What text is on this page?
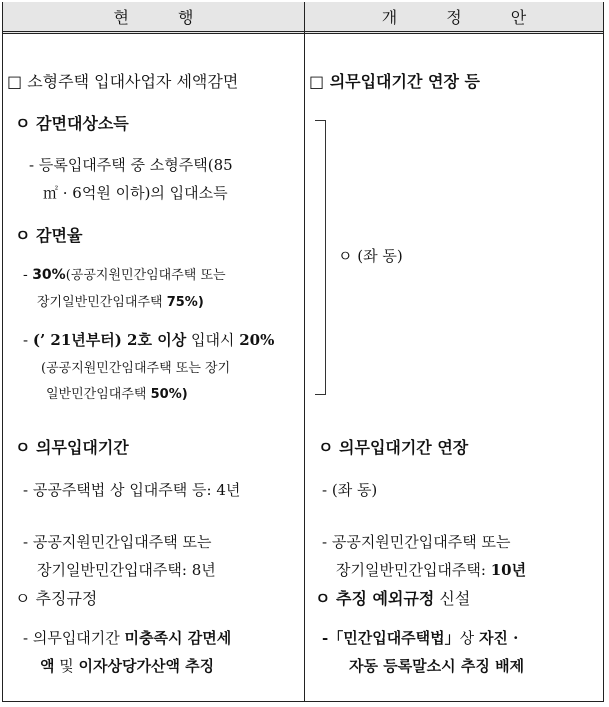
현 행	개 정 안
□ 소형주택 입대사업자 세액감면
ㅇ 감면대상소득
- 등록입대주택 중 소형주택(85
㎡ · 6억원 이하)의 입대소득
ㅇ 감면율
- 30%(공공지원민간임대주택 또는
장기일반민간임대주택 75%)
- (’ 21년부터) 2호 이상 입대시 20%
(공공지원민간임대주택 또는 장기
일반민간임대주택 50%)
ㅇ 의무입대기간
- 공공주택법 상 입대주택 등: 4년
- 공공지원민간입대주택 또는
장기일반민간입대주택: 8년
ㅇ 추징규정
- 의무입대기간 미충족시 감면세
액 및 이자상당가산액 추징
□ 의무입대기간 연장 등
ㅇ (좌 동)
ㅇ 의무입대기간 연장
- (좌 동)
- 공공지원민간입대주택 또는
장기일반민간입대주택: 10년
ㅇ 추징 예외규정 신설
-「민간입대주택법」상 자진 ·
자동 등록말소시 추징 배제
